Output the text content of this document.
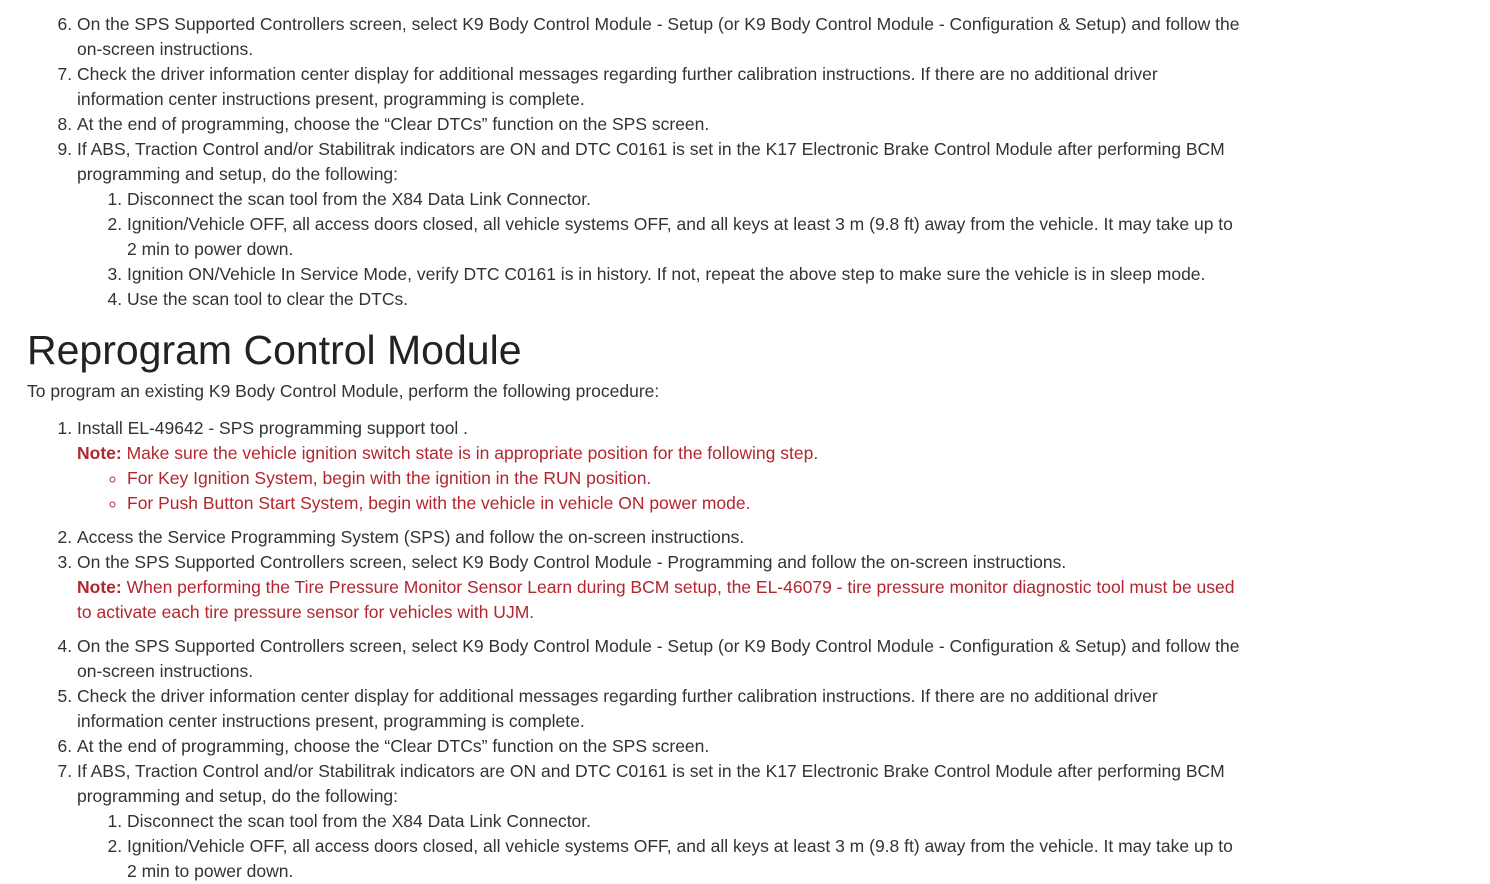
6. On the SPS Supported Controllers screen, select K9 Body Control Module - Setup (or K9 Body Control Module - Configuration & Setup) and follow the on-screen instructions.
7. Check the driver information center display for additional messages regarding further calibration instructions. If there are no additional driver information center instructions present, programming is complete.
8. At the end of programming, choose the “Clear DTCs” function on the SPS screen.
9. If ABS, Traction Control and/or Stabilitrak indicators are ON and DTC C0161 is set in the K17 Electronic Brake Control Module after performing BCM programming and setup, do the following:
1. Disconnect the scan tool from the X84 Data Link Connector.
2. Ignition/Vehicle OFF, all access doors closed, all vehicle systems OFF, and all keys at least 3 m (9.8 ft) away from the vehicle. It may take up to 2 min to power down.
3. Ignition ON/Vehicle In Service Mode, verify DTC C0161 is in history. If not, repeat the above step to make sure the vehicle is in sleep mode.
4. Use the scan tool to clear the DTCs.
Reprogram Control Module

To program an existing K9 Body Control Module, perform the following procedure:

1. Install EL-49642 - SPS programming support tool .
Note: Make sure the vehicle ignition switch state is in appropriate position for the following step.
◦ For Key Ignition System, begin with the ignition in the RUN position.
◦ For Push Button Start System, begin with the vehicle in vehicle ON power mode.
2. Access the Service Programming System (SPS) and follow the on-screen instructions.
3. On the SPS Supported Controllers screen, select K9 Body Control Module - Programming and follow the on-screen instructions.
Note: When performing the Tire Pressure Monitor Sensor Learn during BCM setup, the EL-46079 - tire pressure monitor diagnostic tool must be used to activate each tire pressure sensor for vehicles with UJM.
4. On the SPS Supported Controllers screen, select K9 Body Control Module - Setup (or K9 Body Control Module - Configuration & Setup) and follow the on-screen instructions.
5. Check the driver information center display for additional messages regarding further calibration instructions. If there are no additional driver information center instructions present, programming is complete.
6. At the end of programming, choose the “Clear DTCs” function on the SPS screen.
7. If ABS, Traction Control and/or Stabilitrak indicators are ON and DTC C0161 is set in the K17 Electronic Brake Control Module after performing BCM programming and setup, do the following:
1. Disconnect the scan tool from the X84 Data Link Connector.
2. Ignition/Vehicle OFF, all access doors closed, all vehicle systems OFF, and all keys at least 3 m (9.8 ft) away from the vehicle. It may take up to 2 min to power down.
